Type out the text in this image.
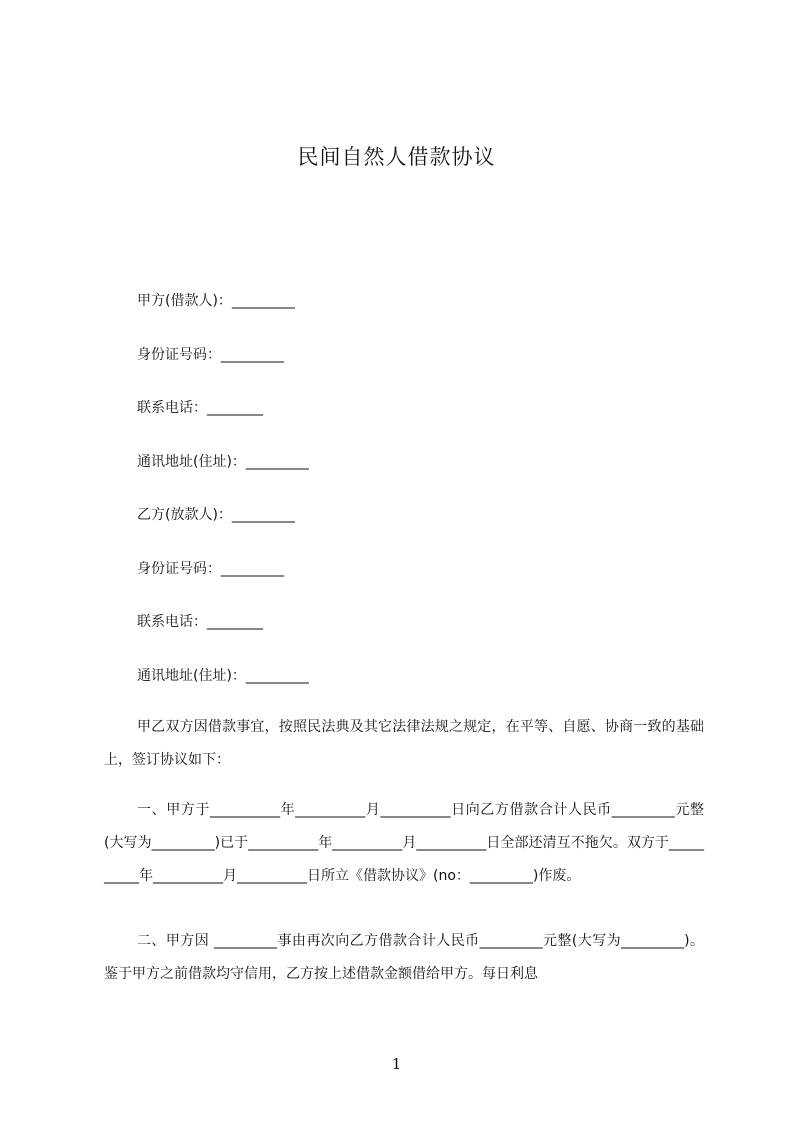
民间自然人借款协议
甲方(借款人)：_________
身份证号码：_________
联系电话：________
通讯地址(住址)：_________
乙方(放款人)：_________
身份证号码：_________
联系电话：________
通讯地址(住址)：_________
甲乙双方因借款事宜，按照民法典及其它法律法规之规定，在平等、自愿、协商一致的基础上，签订协议如下：
一、甲方于__________年__________月__________日向乙方借款合计人民币_________元整(大写为_________)已于__________年__________月__________日全部还清互不拖欠。双方于__________年__________月__________日所立《借款协议》(no：_________)作废。
二、甲方因 _________事由再次向乙方借款合计人民币_________元整(大写为_________)。鉴于甲方之前借款均守信用，乙方按上述借款金额借给甲方。每日利息
1
